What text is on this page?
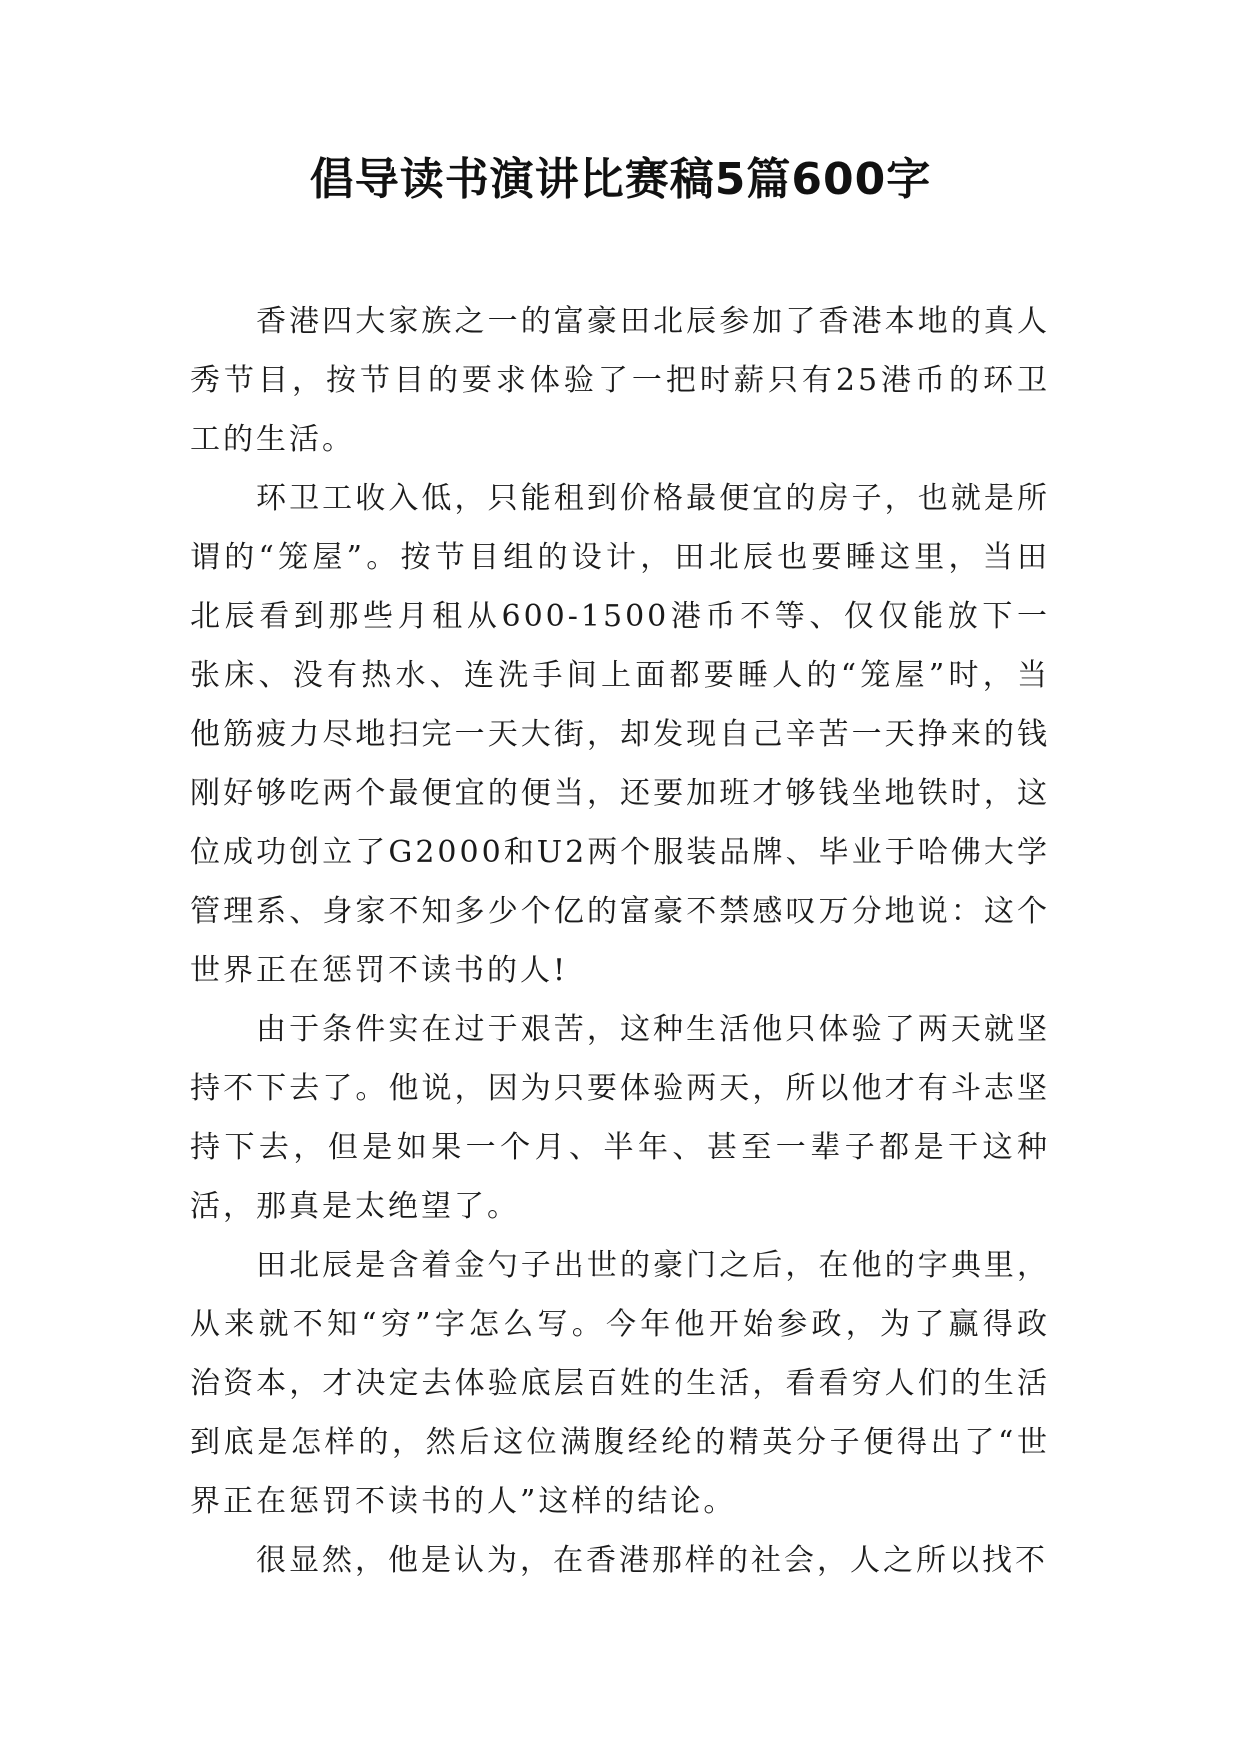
倡导读书演讲比赛稿5篇600字

香港四大家族之一的富豪田北辰参加了香港本地的真人秀节目，按节目的要求体验了一把时薪只有25港币的环卫工的生活。

环卫工收入低，只能租到价格最便宜的房子，也就是所谓的“笼屋”。按节目组的设计，田北辰也要睡这里，当田北辰看到那些月租从600-1500港币不等、仅仅能放下一张床、没有热水、连洗手间上面都要睡人的“笼屋”时，当他筋疲力尽地扫完一天大街，却发现自己辛苦一天挣来的钱刚好够吃两个最便宜的便当，还要加班才够钱坐地铁时，这位成功创立了G2000和U2两个服装品牌、毕业于哈佛大学管理系、身家不知多少个亿的富豪不禁感叹万分地说：这个世界正在惩罚不读书的人!

由于条件实在过于艰苦，这种生活他只体验了两天就坚持不下去了。他说，因为只要体验两天，所以他才有斗志坚持下去，但是如果一个月、半年、甚至一辈子都是干这种活，那真是太绝望了。

田北辰是含着金勺子出世的豪门之后，在他的字典里，从来就不知“穷”字怎么写。今年他开始参政，为了赢得政治资本，才决定去体验底层百姓的生活，看看穷人们的生活到底是怎样的，然后这位满腹经纶的精英分子便得出了“世界正在惩罚不读书的人”这样的结论。

很显然，他是认为，在香港那样的社会，人之所以找不
